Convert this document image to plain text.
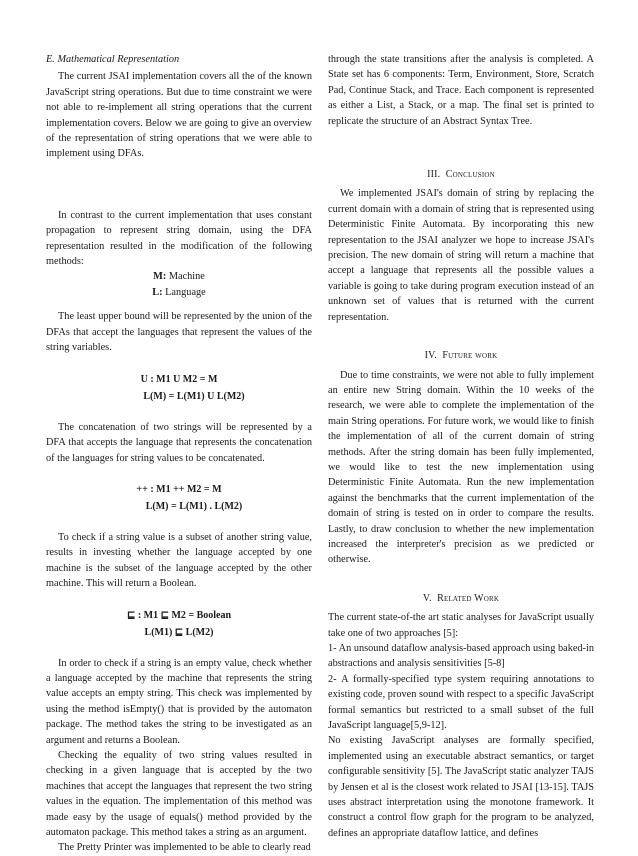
E. Mathematical Representation

The current JSAI implementation covers all the of the known JavaScript string operations. But due to time constraint we were not able to re-implement all string operations that the current implementation covers. Below we are going to give an overview of the representation of string operations that we were able to implement using DFAs.

In contrast to the current implementation that uses constant propagation to represent string domain, using the DFA representation resulted in the modification of the following methods:

M: Machine
L: Language

The least upper bound will be represented by the union of the DFAs that accept the languages that represent the values of the string variables.

U : M1 U M2 = M
L(M) = L(M1) U L(M2)

The concatenation of two strings will be represented by a DFA that accepts the language that represents the concatenation of the languages for string values to be concatenated.

++ : M1 ++ M2 = M
L(M) = L(M1) . L(M2)

To check if a string value is a subset of another string value, results in investing whether the language accepted by one machine is the subset of the language accepted by the other machine. This will return a Boolean.

⊑ : M1 ⊑ M2 = Boolean
L(M1) ⊑ L(M2)

In order to check if a string is an empty value, check whether a language accepted by the machine that represents the string value accepts an empty string. This check was implemented by using the method isEmpty() that is provided by the automaton package. The method takes the string to be investigated as an argument and returns a Boolean.

Checking the equality of two string values resulted in checking in a given language that is accepted by the two machines that accept the languages that represent the two string values in the equation. The implementation of this method was made easy by the usage of equals() method provided by the automaton package. This method takes a string as an argument.

The Pretty Printer was implemented to be able to clearly read

through the state transitions after the analysis is completed. A State set has 6 components: Term, Environment, Store, Scratch Pad, Continue Stack, and Trace. Each component is represented as either a List, a Stack, or a map. The final set is printed to replicate the structure of an Abstract Syntax Tree.

III. Conclusion

We implemented JSAI's domain of string by replacing the current domain with a domain of string that is represented using Deterministic Finite Automata. By incorporating this new representation to the JSAI analyzer we hope to increase JSAI's precision. The new domain of string will return a machine that accept a language that represents all the possible values a variable is going to take during program execution instead of an unknown set of values that is returned with the current representation.

IV. Future work

Due to time constraints, we were not able to fully implement an entire new String domain. Within the 10 weeks of the research, we were able to complete the implementation of the main String operations. For future work, we would like to finish the implementation of all of the current domain of string methods. After the string domain has been fully implemented, we would like to test the new implementation using Deterministic Finite Automata. Run the new implementation against the benchmarks that the current implementation of the domain of string is tested on in order to compare the results. Lastly, to draw conclusion to whether the new implementation increased the interpreter's precision as we predicted or otherwise.

V. Related Work

The current state-of-the art static analyses for JavaScript usually take one of two approaches [5]:

1- An unsound dataflow analysis-based approach using baked-in abstractions and analysis sensitivities [5-8]

2- A formally-specified type system requiring annotations to existing code, proven sound with respect to a specific JavaScript formal semantics but restricted to a small subset of the full JavaScript language[5,9-12].

No existing JavaScript analyses are formally specified, implemented using an executable abstract semantics, or target configurable sensitivity [5]. The JavaScript static analyzer TAJS by Jensen et al is the closest work related to JSAI [13-15]. TAJS uses abstract interpretation using the monotone framework. It construct a control flow graph for the program to be analyzed, defines an appropriate dataflow lattice, and defines
